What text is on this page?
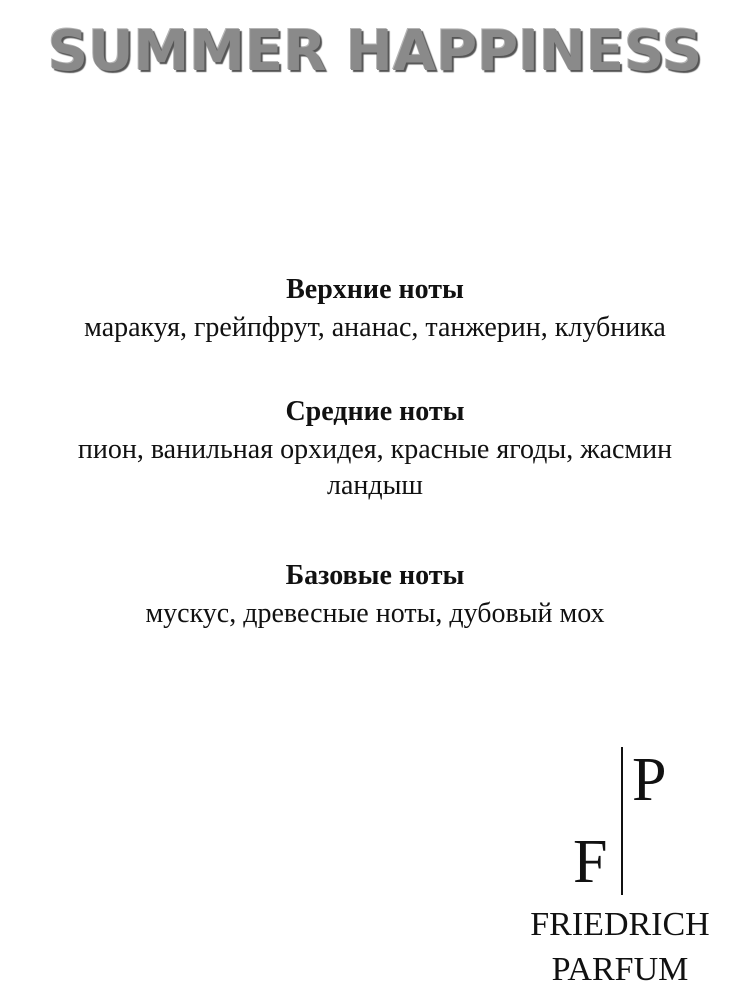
SUMMER HAPPINESS
Верхние ноты
маракуя, грейпфрут, ананас, танжерин, клубника
Средние ноты
пион, ванильная орхидея, красные ягоды, жасмин
ландыш
Базовые ноты
мускус, древесные ноты, дубовый мох
P
F
FRIEDRICH
PARFUM
